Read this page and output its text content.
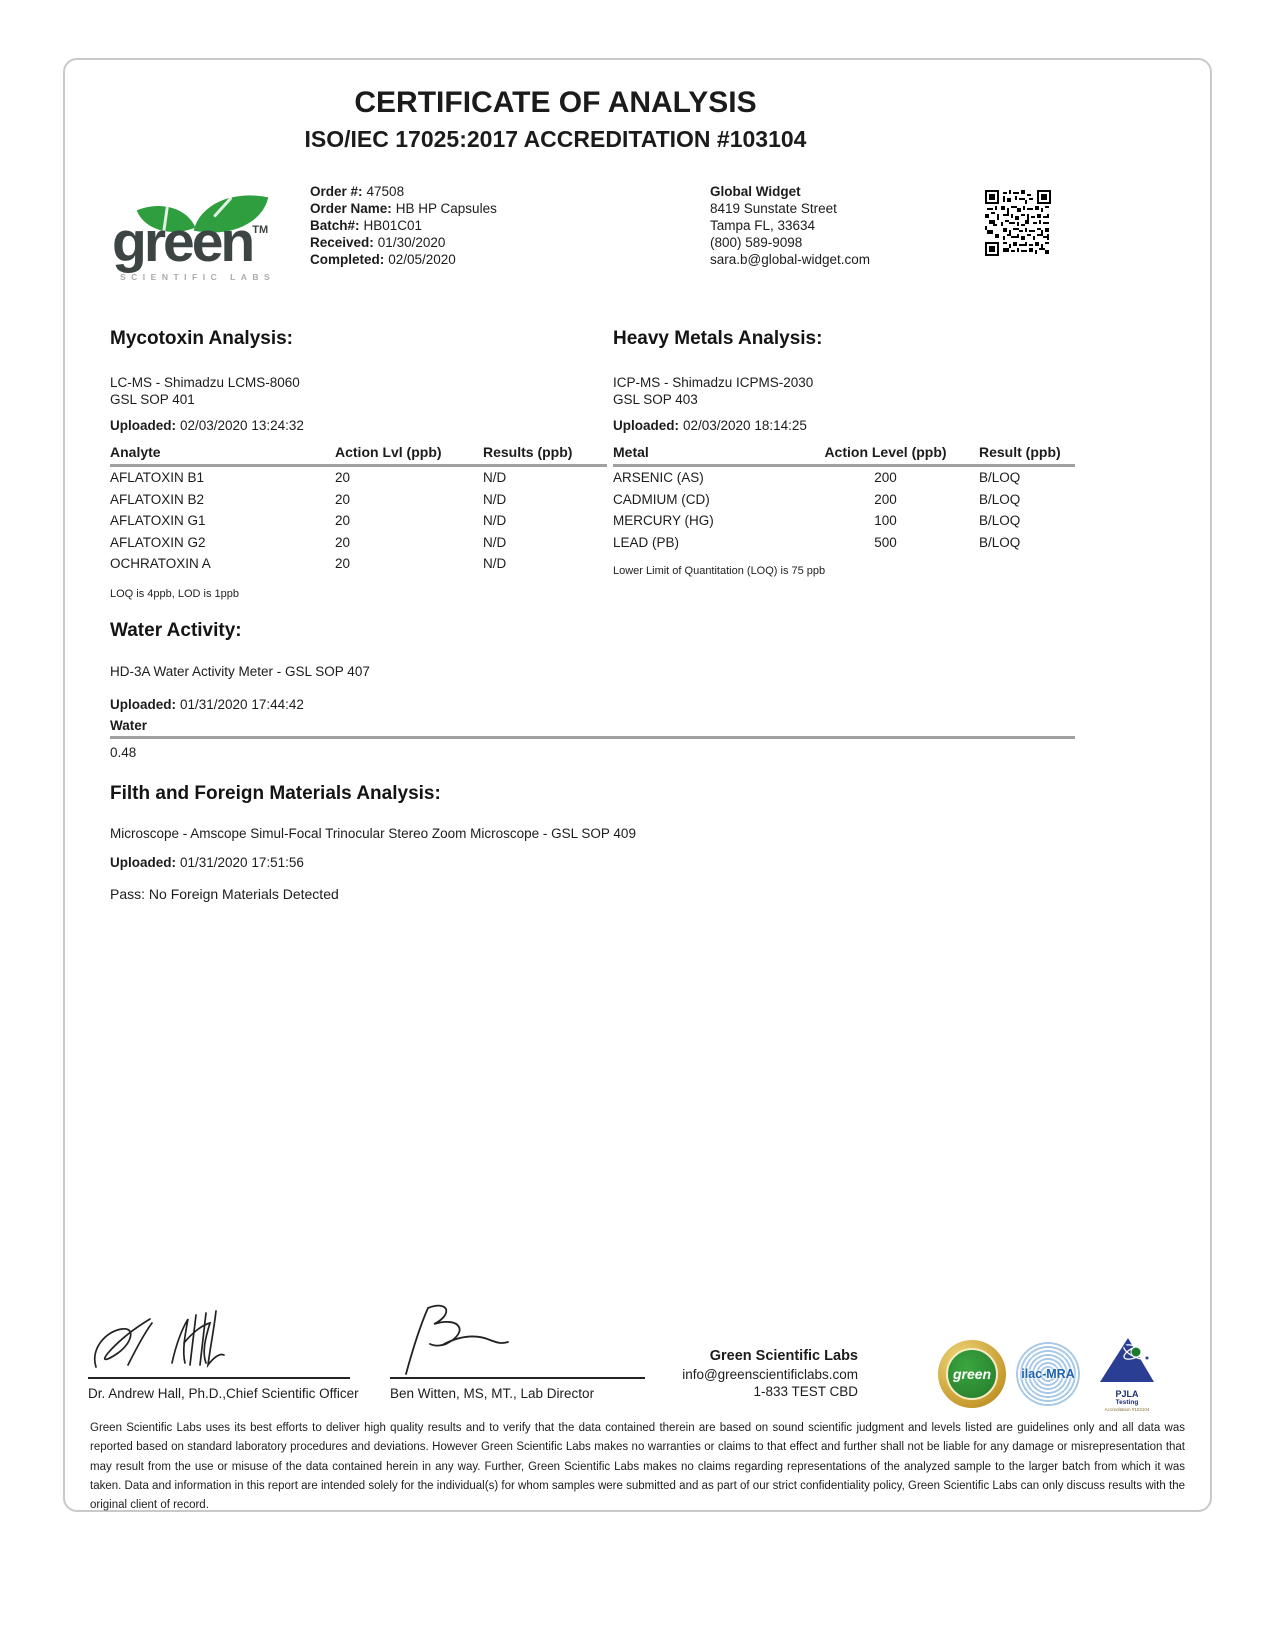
CERTIFICATE OF ANALYSIS
ISO/IEC 17025:2017 ACCREDITATION #103104
green™
SCIENTIFIC LABS
Order #: 47508
Order Name: HB HP Capsules
Batch#: HB01C01
Received: 01/30/2020
Completed: 02/05/2020
Global Widget
8419 Sunstate Street
Tampa FL, 33634
(800) 589-9098
sara.b@global-widget.com
Mycotoxin Analysis:
LC-MS - Shimadzu LCMS-8060
GSL SOP 401
Uploaded: 02/03/2020 13:24:32
Analyte	Action Lvl (ppb)	Results (ppb)
AFLATOXIN B1	20	N/D
AFLATOXIN B2	20	N/D
AFLATOXIN G1	20	N/D
AFLATOXIN G2	20	N/D
OCHRATOXIN A	20	N/D
LOQ is 4ppb, LOD is 1ppb
Heavy Metals Analysis:
ICP-MS - Shimadzu ICPMS-2030
GSL SOP 403
Uploaded: 02/03/2020 18:14:25
Metal	Action Level (ppb)	Result (ppb)
ARSENIC (AS)	200	B/LOQ
CADMIUM (CD)	200	B/LOQ
MERCURY (HG)	100	B/LOQ
LEAD (PB)	500	B/LOQ
Lower Limit of Quantitation (LOQ) is 75 ppb
Water Activity:
HD-3A Water Activity Meter - GSL SOP 407
Uploaded: 01/31/2020 17:44:42
Water
0.48
Filth and Foreign Materials Analysis:
Microscope - Amscope Simul-Focal Trinocular Stereo Zoom Microscope - GSL SOP 409
Uploaded: 01/31/2020 17:51:56
Pass: No Foreign Materials Detected
Dr. Andrew Hall, Ph.D.,Chief Scientific Officer Ben Witten, MS, MT., Lab Director
Green Scientific Labs
info@greenscientificlabs.com
1-833 TEST CBD
green ilac-MRA
PJLA
Testing
Accreditation #103104
Green Scientific Labs uses its best efforts to deliver high quality results and to verify that the data contained therein are based on sound scientific judgment and levels listed are guidelines only and all data was reported based on standard laboratory procedures and deviations. However Green Scientific Labs makes no warranties or claims to that effect and further shall not be liable for any damage or misrepresentation that may result from the use or misuse of the data contained herein in any way. Further, Green Scientific Labs makes no claims regarding representations of the analyzed sample to the larger batch from which it was taken. Data and information in this report are intended solely for the individual(s) for whom samples were submitted and as part of our strict confidentiality policy, Green Scientific Labs can only discuss results with the original client of record.
